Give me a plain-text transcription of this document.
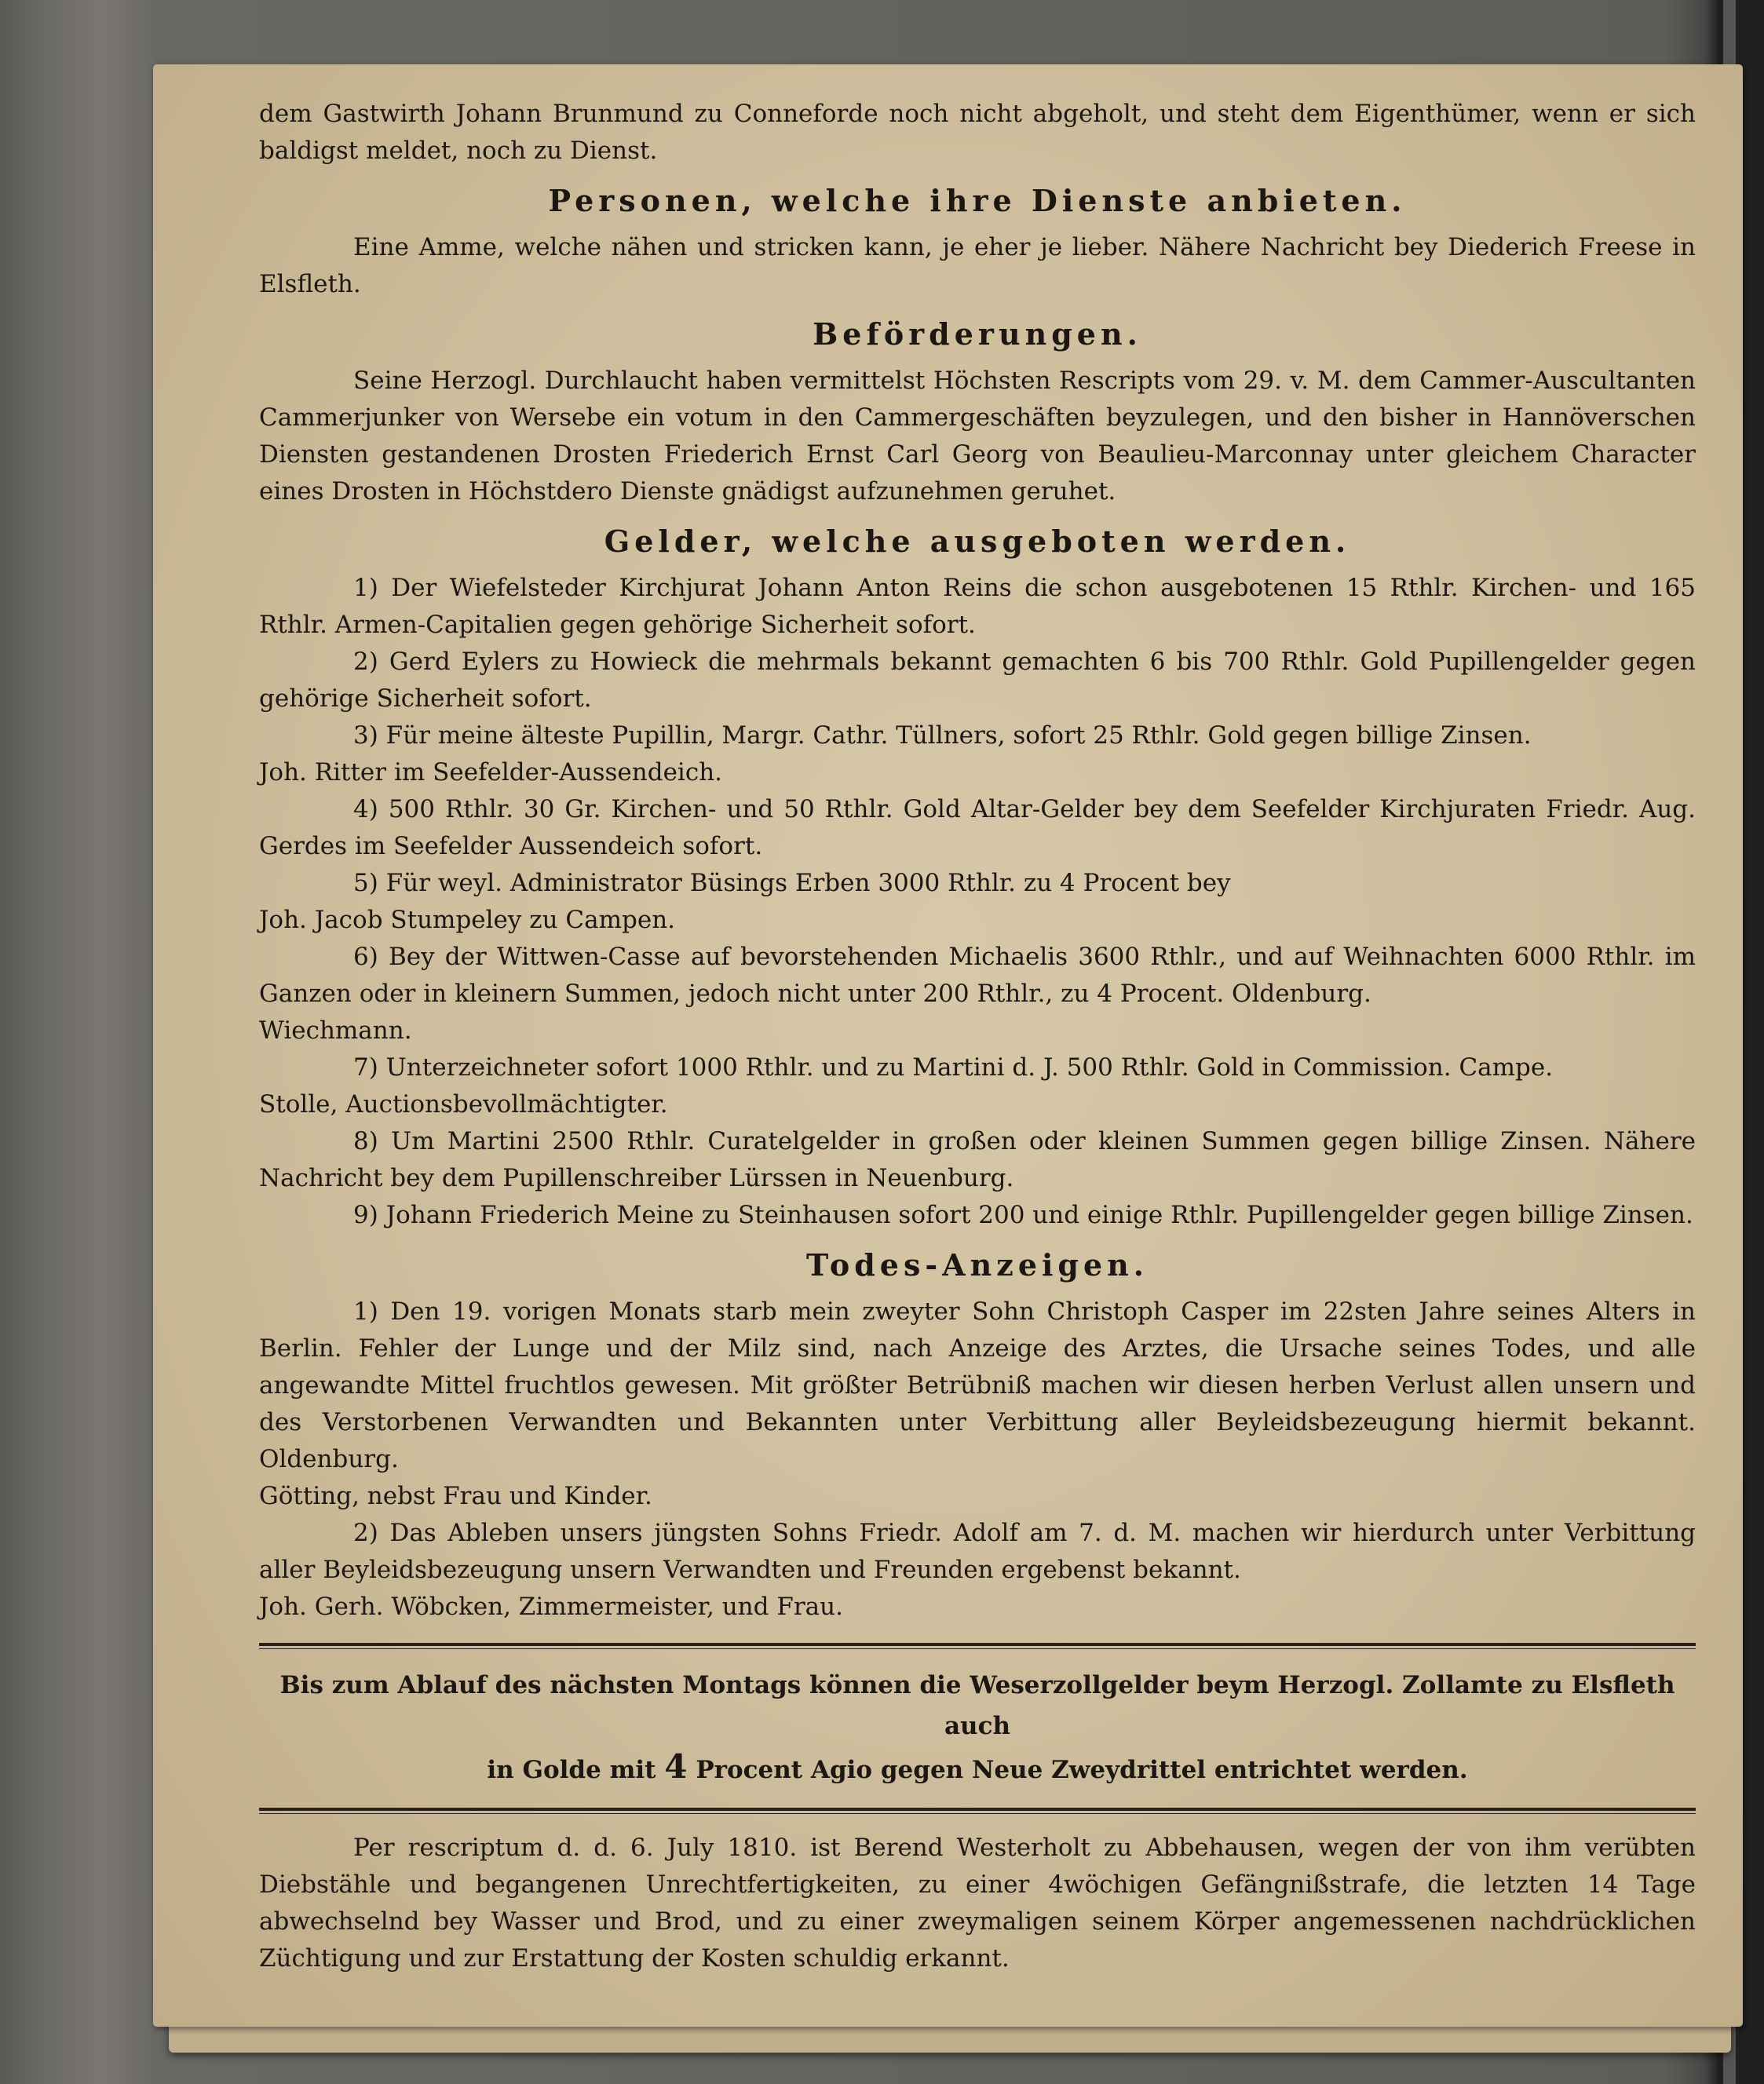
dem Gastwirth Johann Brunmund zu Conneforde noch nicht abgeholt, und steht dem Eigenthümer, wenn er sich baldigst meldet, noch zu Dienst.

Personen, welche ihre Dienste anbieten.

Eine Amme, welche nähen und stricken kann, je eher je lieber. Nähere Nachricht bey Diederich Freese in Elsfleth.

Beförderungen.

Seine Herzogl. Durchlaucht haben vermittelst Höchsten Rescripts vom 29. v. M. dem Cammer-Auscultanten Cammerjunker von Wersebe ein votum in den Cammergeschäften beyzulegen, und den bisher in Hannöverschen Diensten gestandenen Drosten Friederich Ernst Carl Georg von Beaulieu-Marconnay unter gleichem Character eines Drosten in Höchstdero Dienste gnädigst aufzunehmen geruhet.

Gelder, welche ausgeboten werden.

1) Der Wiefelsteder Kirchjurat Johann Anton Reins die schon ausgebotenen 15 Rthlr. Kirchen- und 165 Rthlr. Armen-Capitalien gegen gehörige Sicherheit sofort.

2) Gerd Eylers zu Howieck die mehrmals bekannt gemachten 6 bis 700 Rthlr. Gold Pupillengelder gegen gehörige Sicherheit sofort.

3) Für meine älteste Pupillin, Margr. Cathr. Tüllners, sofort 25 Rthlr. Gold gegen billige Zinsen.

Joh. Ritter im Seefelder-Aussendeich.

4) 500 Rthlr. 30 Gr. Kirchen- und 50 Rthlr. Gold Altar-Gelder bey dem Seefelder Kirchjuraten Friedr. Aug. Gerdes im Seefelder Aussendeich sofort.

5) Für weyl. Administrator Büsings Erben 3000 Rthlr. zu 4 Procent bey

Joh. Jacob Stumpeley zu Campen.

6) Bey der Wittwen-Casse auf bevorstehenden Michaelis 3600 Rthlr., und auf Weihnachten 6000 Rthlr. im Ganzen oder in kleinern Summen, jedoch nicht unter 200 Rthlr., zu 4 Procent. Oldenburg.

Wiechmann.

7) Unterzeichneter sofort 1000 Rthlr. und zu Martini d. J. 500 Rthlr. Gold in Commission. Campe.

Stolle, Auctionsbevollmächtigter.

8) Um Martini 2500 Rthlr. Curatelgelder in großen oder kleinen Summen gegen billige Zinsen. Nähere Nachricht bey dem Pupillenschreiber Lürssen in Neuenburg.

9) Johann Friederich Meine zu Steinhausen sofort 200 und einige Rthlr. Pupillengelder gegen billige Zinsen.

Todes-Anzeigen.

1) Den 19. vorigen Monats starb mein zweyter Sohn Christoph Casper im 22sten Jahre seines Alters in Berlin. Fehler der Lunge und der Milz sind, nach Anzeige des Arztes, die Ursache seines Todes, und alle angewandte Mittel fruchtlos gewesen. Mit größter Betrübniß machen wir diesen herben Verlust allen unsern und des Verstorbenen Verwandten und Bekannten unter Verbittung aller Beyleidsbezeugung hiermit bekannt. Oldenburg.

Götting, nebst Frau und Kinder.

2) Das Ableben unsers jüngsten Sohns Friedr. Adolf am 7. d. M. machen wir hierdurch unter Verbittung aller Beyleidsbezeugung unsern Verwandten und Freunden ergebenst bekannt.

Joh. Gerh. Wöbcken, Zimmermeister, und Frau.

Bis zum Ablauf des nächsten Montags können die Weserzollgelder beym Herzogl. Zollamte zu Elsfleth auch

in Golde mit 4 Procent Agio gegen Neue Zweydrittel entrichtet werden.

Per rescriptum d. d. 6. July 1810. ist Berend Westerholt zu Abbehausen, wegen der von ihm verübten Diebstähle und begangenen Unrechtfertigkeiten, zu einer 4wöchigen Gefängnißstrafe, die letzten 14 Tage abwechselnd bey Wasser und Brod, und zu einer zweymaligen seinem Körper angemessenen nachdrücklichen Züchtigung und zur Erstattung der Kosten schuldig erkannt.
